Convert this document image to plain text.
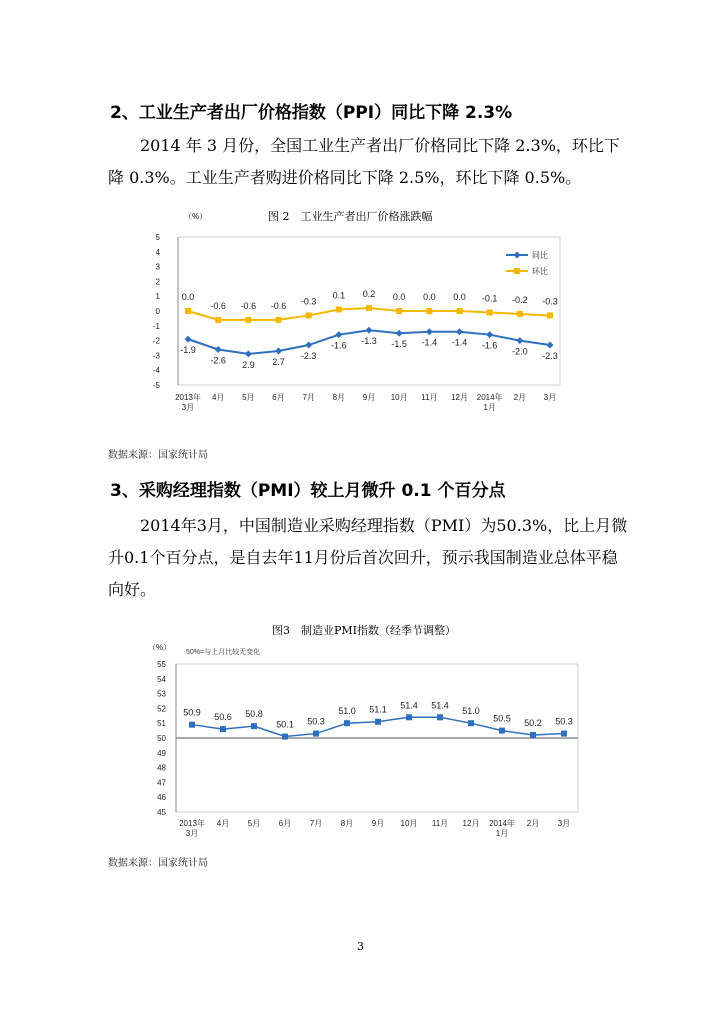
2、工业生产者出厂价格指数（PPI）同比下降 2.3%
2014 年 3 月份，全国工业生产者出厂价格同比下降 2.3%，环比下降 0.3%。工业生产者购进价格同比下降 2.5%，环比下降 0.5%。
图 2　工业生产者出厂价格涨跌幅
（%）
5
4
3
2
1
0
-1
-2
-3
-4
-5
2013年
3月
4月 5月 6月 7月 8月 9月 10月 11月 12月 2014年
1月
2月 3月
-1.9
-2.6 2.9 2.7
-2.3
-1.6 -1.3 -1.5 -1.4 -1.4 -1.6
-2.0 -2.3
0.0
-0.6 -0.6 -0.6 -0.3
0.1 0.2 0.0 0.0 0.0 -0.1 -0.2 -0.3
同比
环比
数据来源：国家统计局
3、采购经理指数（PMI）较上月微升 0.1 个百分点
2014年3月，中国制造业采购经理指数（PMI）为50.3%，比上月微升0.1个百分点，是自去年11月份后首次回升，预示我国制造业总体平稳向好。
图3　制造业PMI指数（经季节调整）
（%）
50%=与上月比较无变化
55
54
53
52
51
50
49
48
47
46
45
2013年
3月
4月 5月 6月 7月 8月 9月 10月 11月 12月 2014年
1月
2月 3月
50.9 50.6 50.8
50.1 50.3
51.0 51.1 51.4 51.4
51.0
50.5 50.2 50.3
数据来源：国家统计局
3
